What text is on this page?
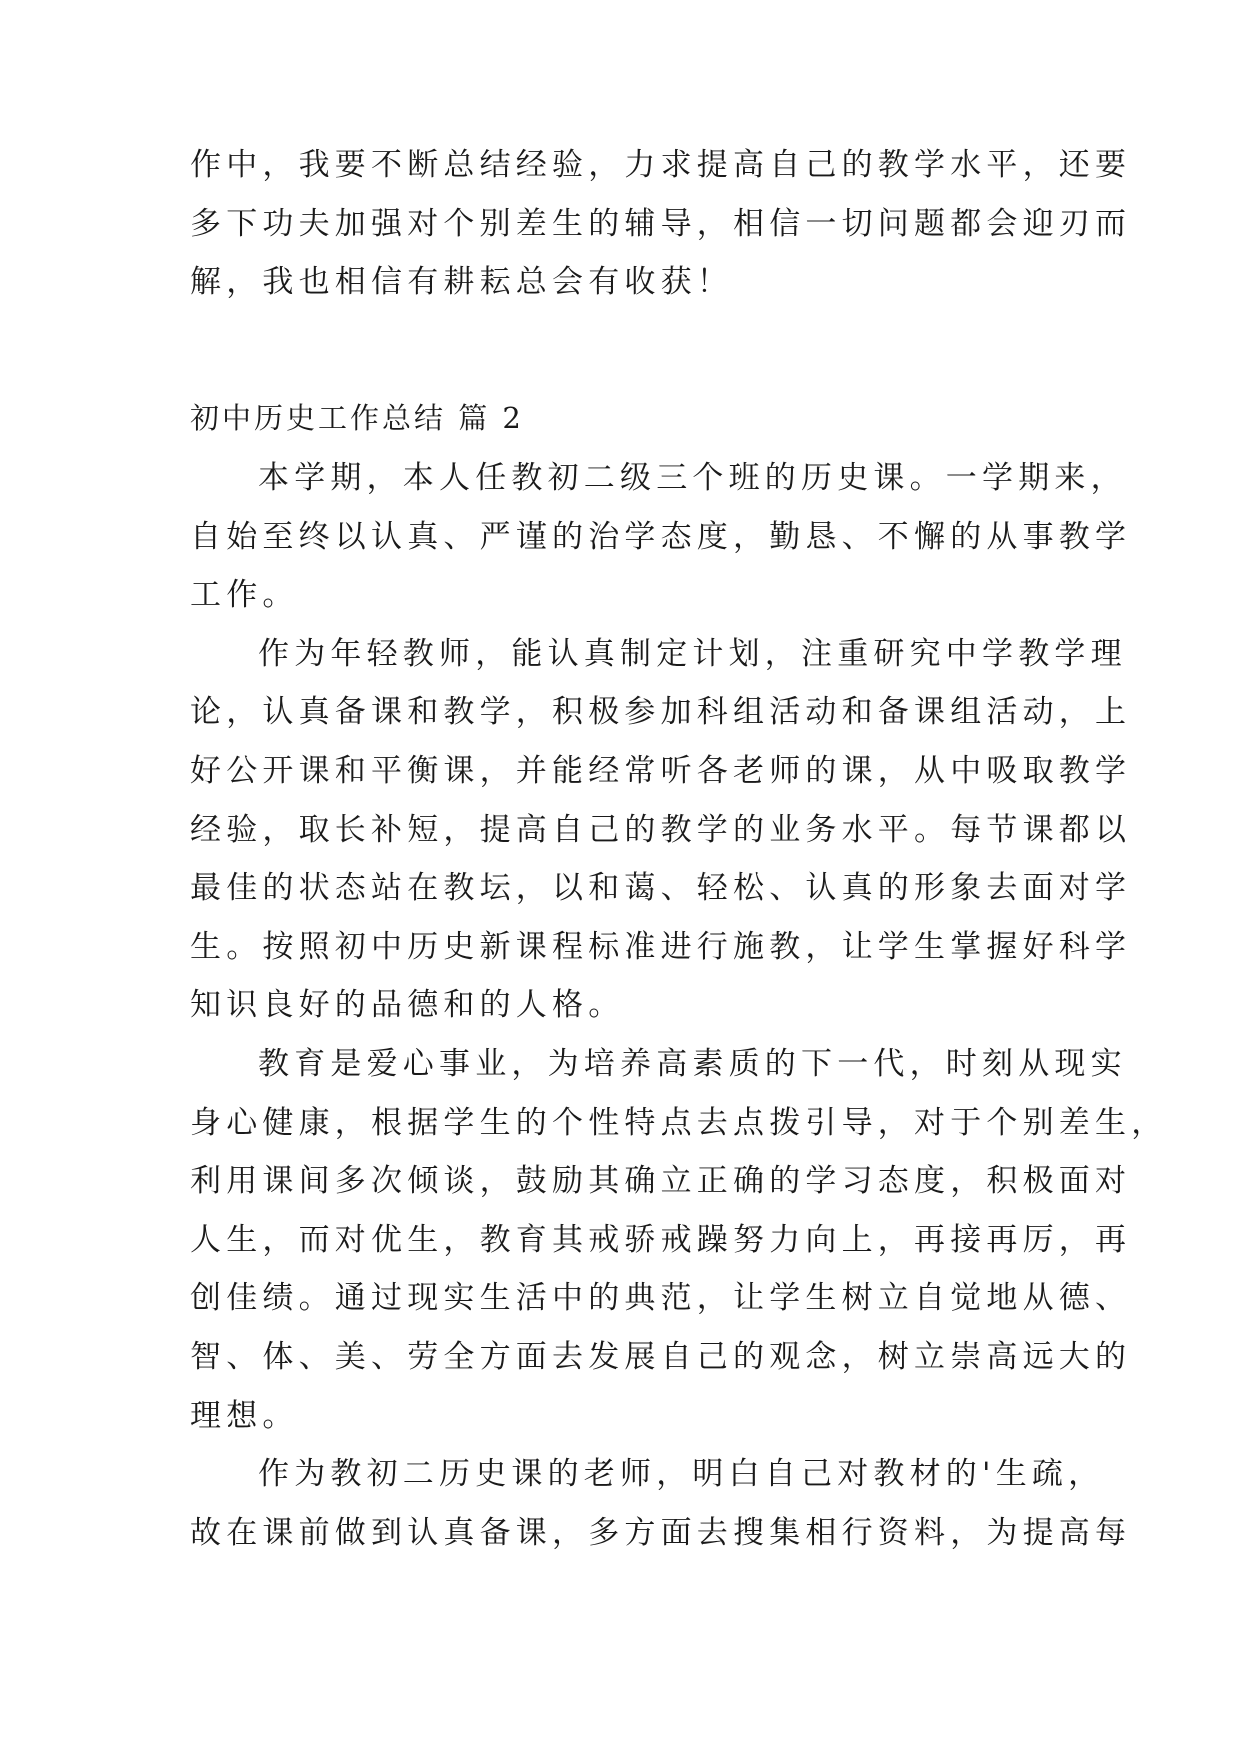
作中，我要不断总结经验，力求提高自己的教学水平，还要
多下功夫加强对个别差生的辅导，相信一切问题都会迎刃而
解，我也相信有耕耘总会有收获！
初中历史工作总结 篇 2
本学期，本人任教初二级三个班的历史课。一学期来，
自始至终以认真、严谨的治学态度，勤恳、不懈的从事教学
工作。
作为年轻教师，能认真制定计划，注重研究中学教学理
论，认真备课和教学，积极参加科组活动和备课组活动，上
好公开课和平衡课，并能经常听各老师的课，从中吸取教学
经验，取长补短，提高自己的教学的业务水平。每节课都以
最佳的状态站在教坛，以和蔼、轻松、认真的形象去面对学
生。按照初中历史新课程标准进行施教，让学生掌握好科学
知识良好的品德和的人格。
教育是爱心事业，为培养高素质的下一代，时刻从现实
身心健康，根据学生的个性特点去点拨引导，对于个别差生，
利用课间多次倾谈，鼓励其确立正确的学习态度，积极面对
人生，而对优生，教育其戒骄戒躁努力向上，再接再厉，再
创佳绩。通过现实生活中的典范，让学生树立自觉地从德、
智、体、美、劳全方面去发展自己的观念，树立崇高远大的
理想。
作为教初二历史课的老师，明白自己对教材的'生疏，
故在课前做到认真备课，多方面去搜集相行资料，为提高每
